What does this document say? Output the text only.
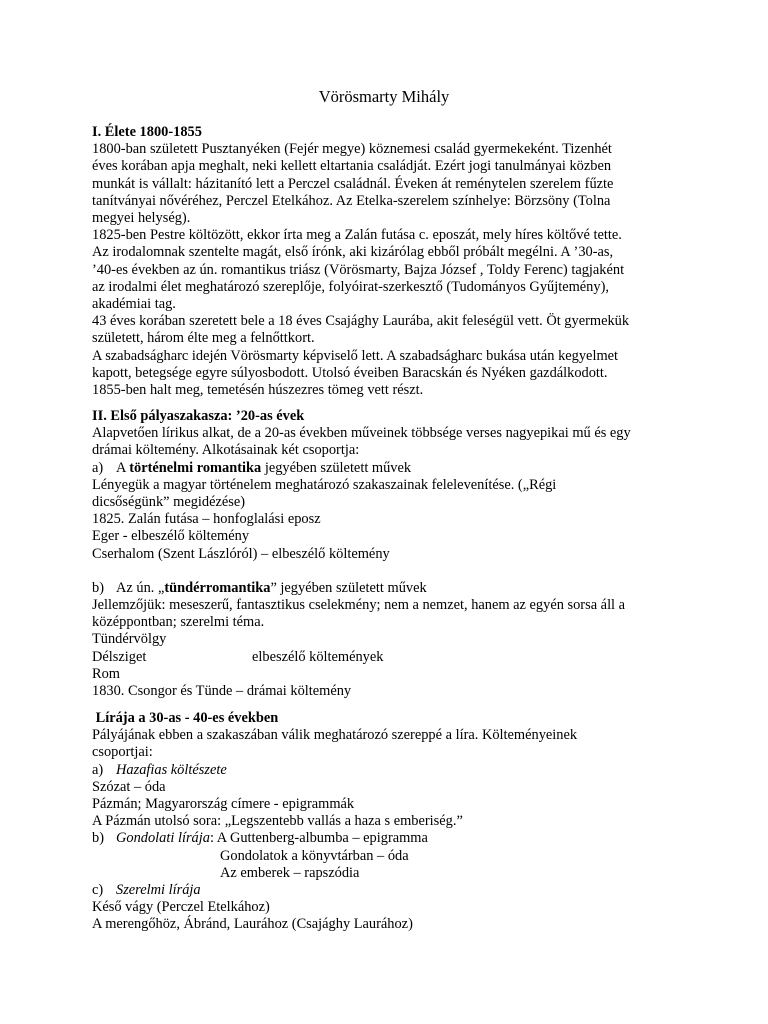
Vörösmarty Mihály

I. Élete 1800-1855

1800-ban született Pusztanyéken (Fejér megye) köznemesi család gyermekeként. Tizenhét

éves korában apja meghalt, neki kellett eltartania családját. Ezért jogi tanulmányai közben

munkát is vállalt: házitanító lett a Perczel családnál. Éveken át reménytelen szerelem fűzte

tanítványai nővéréhez, Perczel Etelkához. Az Etelka-szerelem színhelye: Börzsöny (Tolna

megyei helység).

1825-ben Pestre költözött, ekkor írta meg a Zalán futása c. eposzát, mely híres költővé tette.

Az irodalomnak szentelte magát, első írónk, aki kizárólag ebből próbált megélni. A ’30-as,

’40-es években az ún. romantikus triász (Vörösmarty, Bajza József , Toldy Ferenc) tagjaként

az irodalmi élet meghatározó szereplője, folyóirat-szerkesztő (Tudományos Gyűjtemény),

akadémiai tag.

43 éves korában szeretett bele a 18 éves Csajághy Laurába, akit feleségül vett. Öt gyermekük

született, három élte meg a felnőttkort.

A szabadságharc idején Vörösmarty képviselő lett. A szabadságharc bukása után kegyelmet

kapott, betegsége egyre súlyosbodott. Utolsó éveiben Baracskán és Nyéken gazdálkodott.

1855-ben halt meg, temetésén húszezres tömeg vett részt.

II. Első pályaszakasza: ’20-as évek

Alapvetően lírikus alkat, de a 20-as években műveinek többsége verses nagyepikai mű és egy

drámai költemény. Alkotásainak két csoportja:

a) A történelmi romantika jegyében született művek

Lényegük a magyar történelem meghatározó szakaszainak felelevenítése. („Régi

dicsőségünk” megidézése)

1825. Zalán futása – honfoglalási eposz

Eger - elbeszélő költemény

Cserhalom (Szent Lászlóról) – elbeszélő költemény

b) Az ún. „tündérromantika” jegyében született művek

Jellemzőjük: meseszerű, fantasztikus cselekmény; nem a nemzet, hanem az egyén sorsa áll a

középpontban; szerelmi téma.

Tündérvölgy

Délsziget	elbeszélő költemények

Rom

1830. Csongor és Tünde – drámai költemény

Lírája a 30-as - 40-es években

Pályájának ebben a szakaszában válik meghatározó szereppé a líra. Költeményeinek

csoportjai:

a) Hazafias költészete

Szózat – óda

Pázmán; Magyarország címere - epigrammák

A Pázmán utolsó sora: „Legszentebb vallás a haza s emberiség.”

b) Gondolati lírája: A Guttenberg-albumba – epigramma

Gondolatok a könyvtárban – óda

Az emberek – rapszódia

c) Szerelmi lírája

Késő vágy (Perczel Etelkához)

A merengőhöz, Ábránd, Laurához (Csajághy Laurához)
